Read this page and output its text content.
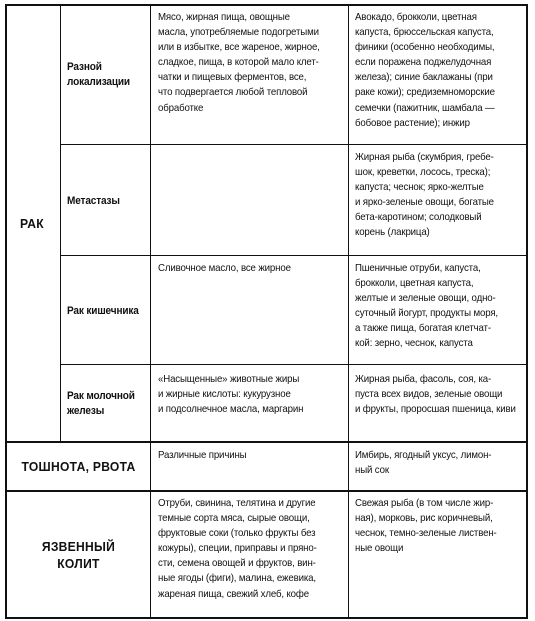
РАК
ТОШНОТА, РВОТА
ЯЗВЕННЫЙ
КОЛИТ
Разной
локализации
Метастазы
Рак кишечника
Рак молочной
железы
Мясо, жирная пища, овощные
масла, употребляемые подогретыми
или в избытке, все жареное, жирное,
сладкое, пища, в которой мало клет-
чатки и пищевых ферментов, все,
что подвергается любой тепловой
обработке
Сливочное масло, все жирное
«Насыщенные» животные жиры
и жирные кислоты: кукурузное
и подсолнечное масла, маргарин
Различные причины
Отруби, свинина, телятина и другие
темные сорта мяса, сырые овощи,
фруктовые соки (только фрукты без
кожуры), специи, приправы и пряно-
сти, семена овощей и фруктов, вин-
ные ягоды (фиги), малина, ежевика,
жареная пища, свежий хлеб, кофе
Авокадо, брокколи, цветная
капуста, брюссельская капуста,
финики (особенно необходимы,
если поражена поджелудочная
железа); синие баклажаны (при
раке кожи); средиземноморские
семечки (пажитник, шамбала —
бобовое растение); инжир
Жирная рыба (скумбрия, гребе-
шок, креветки, лосось, треска);
капуста; чеснок; ярко-желтые
и ярко-зеленые овощи, богатые
бета-каротином; солодковый
корень (лакрица)
Пшеничные отруби, капуста,
брокколи, цветная капуста,
желтые и зеленые овощи, одно-
суточный йогурт, продукты моря,
а также пища, богатая клетчат-
кой: зерно, чеснок, капуста
Жирная рыба, фасоль, соя, ка-
пуста всех видов, зеленые овощи
и фрукты, проросшая пшеница, киви
Имбирь, ягодный уксус, лимон-
ный сок
Свежая рыба (в том числе жир-
ная), морковь, рис коричневый,
чеснок, темно-зеленые листвен-
ные овощи
